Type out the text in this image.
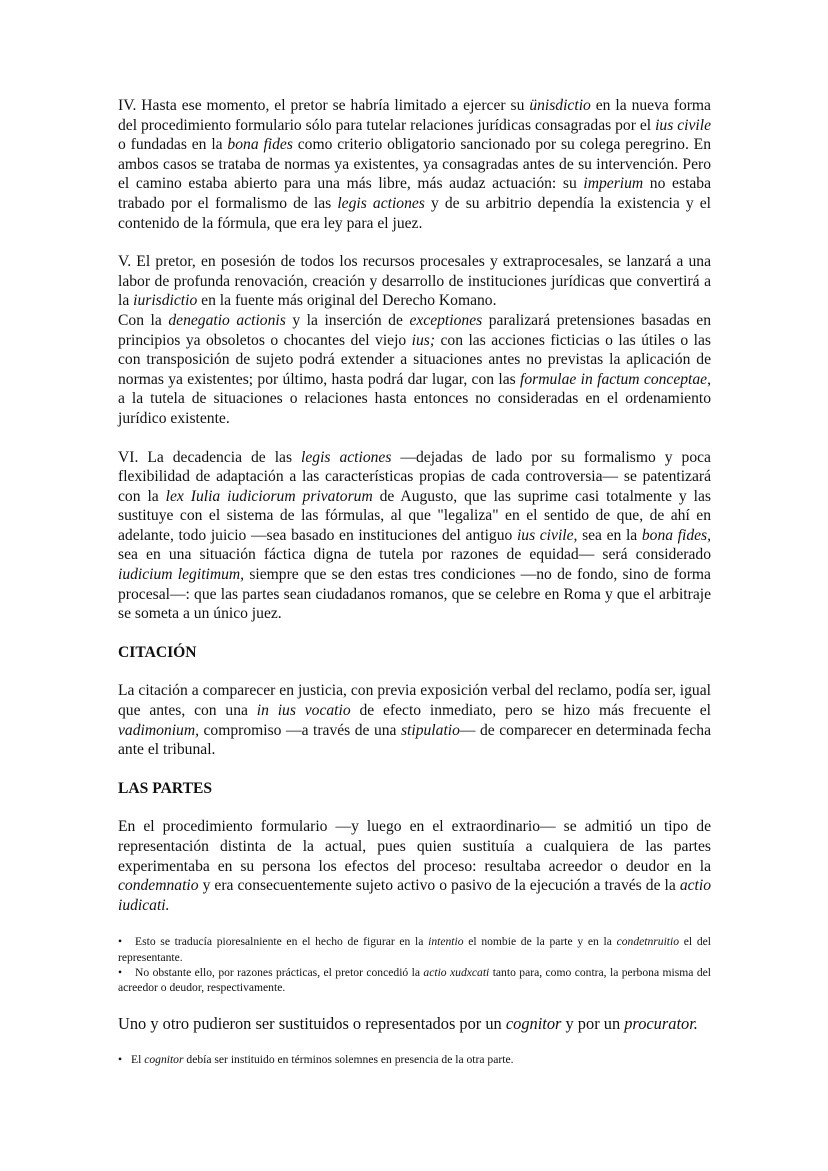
IV. Hasta ese momento, el pretor se habría limitado a ejercer su ünisdictio en la nueva forma del procedimiento formulario sólo para tutelar relaciones jurídicas consagradas por el ius civile o fundadas en la bona fides como criterio obligatorio sancionado por su colega peregrino. En ambos casos se trataba de normas ya existentes, ya consagradas antes de su intervención. Pero el camino estaba abierto para una más libre, más audaz actuación: su imperium no estaba trabado por el formalismo de las legis actiones y de su arbitrio dependía la existencia y el contenido de la fórmula, que era ley para el juez.

V. El pretor, en posesión de todos los recursos procesales y extraprocesales, se lanzará a una labor de profunda renovación, creación y desarrollo de instituciones jurídicas que convertirá a la iurisdictio en la fuente más original del Derecho Komano.

Con la denegatio actionis y la inserción de exceptiones paralizará pretensiones basadas en principios ya obsoletos o chocantes del viejo ius; con las acciones ficticias o las útiles o las con transposición de sujeto podrá extender a situaciones antes no previstas la aplicación de normas ya existentes; por último, hasta podrá dar lugar, con las formulae in factum conceptae, a la tutela de situaciones o relaciones hasta entonces no consideradas en el ordenamiento jurídico existente.

VI. La decadencia de las legis actiones —dejadas de lado por su formalismo y poca flexibilidad de adaptación a las características propias de cada controversia— se patentizará con la lex Iulia iudiciorum privatorum de Augusto, que las suprime casi totalmente y las sustituye con el sistema de las fórmulas, al que "legaliza" en el sentido de que, de ahí en adelante, todo juicio —sea basado en instituciones del antiguo ius civile, sea en la bona fides, sea en una situación fáctica digna de tutela por razones de equidad— será considerado iudicium legitimum, siempre que se den estas tres condiciones —no de fondo, sino de forma procesal—: que las partes sean ciudadanos romanos, que se celebre en Roma y que el arbitraje se someta a un único juez.

CITACIÓN

La citación a comparecer en justicia, con previa exposición verbal del reclamo, podía ser, igual que antes, con una in ius vocatio de efecto inmediato, pero se hizo más frecuente el vadimonium, compromiso —a través de una stipulatio— de comparecer en determinada fecha ante el tribunal.

LAS PARTES

En el procedimiento formulario —y luego en el extraordinario— se admitió un tipo de representación distinta de la actual, pues quien sustituía a cualquiera de las partes experimentaba en su persona los efectos del proceso: resultaba acreedor o deudor en la condemnatio y era consecuentemente sujeto activo o pasivo de la ejecución a través de la actio iudicati.

• Esto se traducía pioresalniente en el hecho de figurar en la intentio el nombie de la parte y en la condetnruitio el del representante.
• No obstante ello, por razones prácticas, el pretor concedió la actio xudxcati tanto para, como contra, la perbona misma del acreedor o deudor, respectivamente.

Uno y otro pudieron ser sustituidos o representados por un cognitor y por un procurator.

• El cognitor debía ser instituido en términos solemnes en presencia de la otra parte.
